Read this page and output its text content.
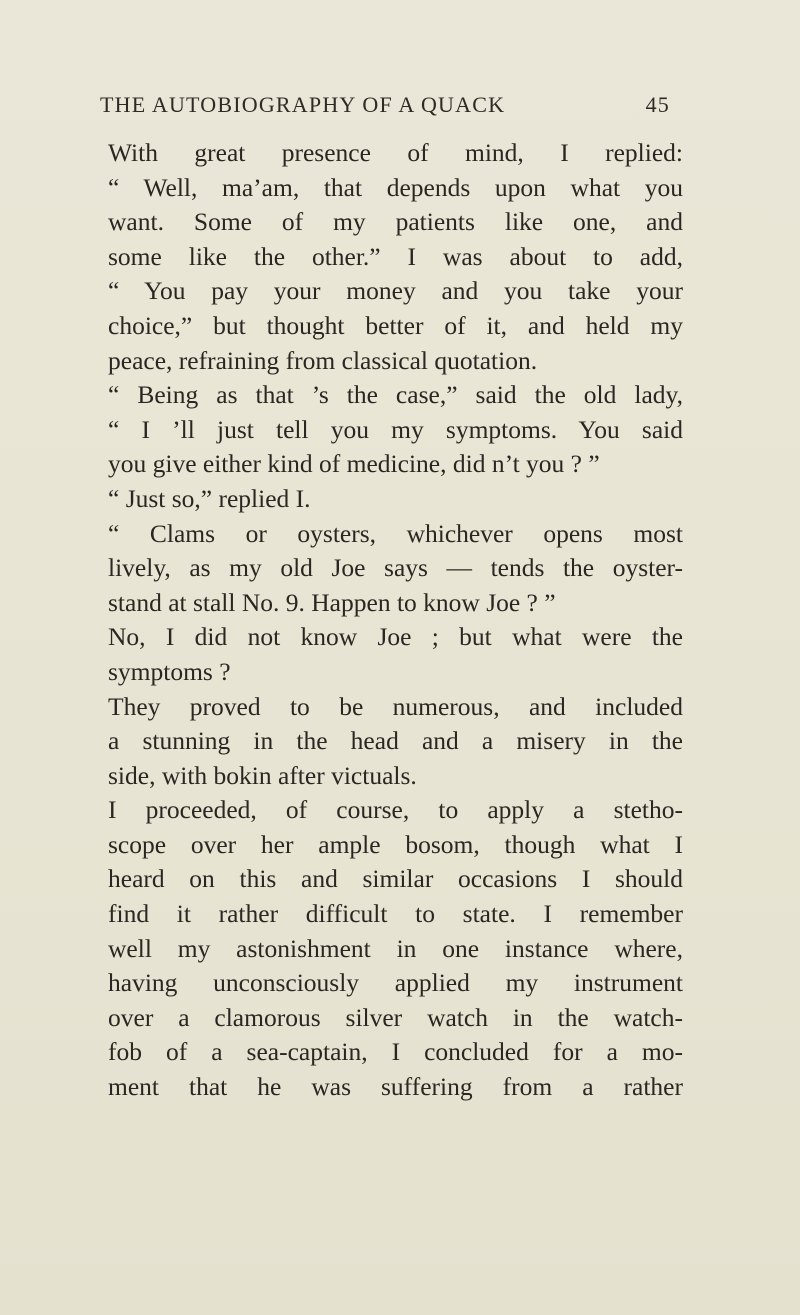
THE AUTOBIOGRAPHY OF A QUACK	45
With great presence of mind, I replied:
“ Well, ma’am, that depends upon what you
want. Some of my patients like one, and
some like the other.” I was about to add,
“ You pay your money and you take your
choice,” but thought better of it, and held my
peace, refraining from classical quotation.
“ Being as that ’s the case,” said the old lady,
“ I ’ll just tell you my symptoms. You said
you give either kind of medicine, did n’t you ? ”
“ Just so,” replied I.
“ Clams or oysters, whichever opens most
lively, as my old Joe says — tends the oyster-
stand at stall No. 9. Happen to know Joe ? ”
No, I did not know Joe ; but what were the
symptoms ?
They proved to be numerous, and included
a stunning in the head and a misery in the
side, with bokin after victuals.
I proceeded, of course, to apply a stetho-
scope over her ample bosom, though what I
heard on this and similar occasions I should
find it rather difficult to state. I remember
well my astonishment in one instance where,
having unconsciously applied my instrument
over a clamorous silver watch in the watch-
fob of a sea-captain, I concluded for a mo-
ment that he was suffering from a rather
